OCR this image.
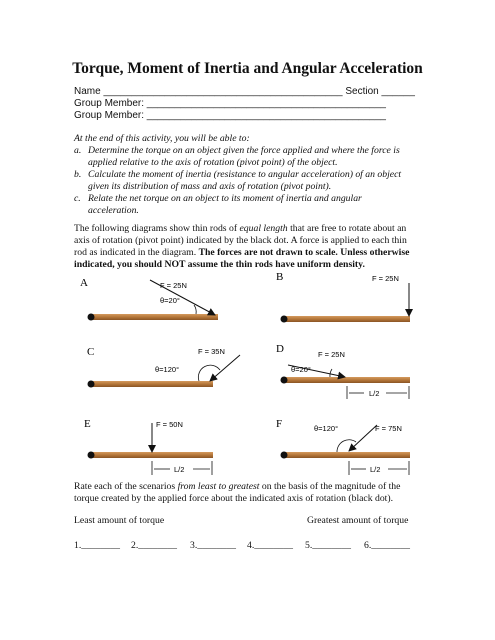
Torque, Moment of Inertia and Angular Acceleration
Name ___________________________________________ Section ______
Group Member: ___________________________________________
Group Member: ___________________________________________
At the end of this activity, you will be able to:
a. Determine the torque on an object given the force applied and where the force is
applied relative to the axis of rotation (pivot point) of the object.
b. Calculate the moment of inertia (resistance to angular acceleration) of an object
given its distribution of mass and axis of rotation (pivot point).
c. Relate the net torque on an object to its moment of inertia and angular
acceleration.
The following diagrams show thin rods of equal length that are free to rotate about an
axis of rotation (pivot point) indicated by the black dot. A force is applied to each thin
rod as indicated in the diagram. The forces are not drawn to scale. Unless otherwise
indicated, you should NOT assume the thin rods have uniform density.
A	F = 25N
θ=20°
B	F = 25N
C	F = 35N
θ=120°
D	F = 25N
θ=20°
L/2
E	F = 50N
L/2
F	F = 75N
θ=120°
L/2
Rate each of the scenarios from least to greatest on the basis of the magnitude of the
torque created by the applied force about the indicated axis of rotation (black dot).
Least amount of torque	Greatest amount of torque
1.________ 2.________ 3.________ 4.________ 5.________ 6.________
